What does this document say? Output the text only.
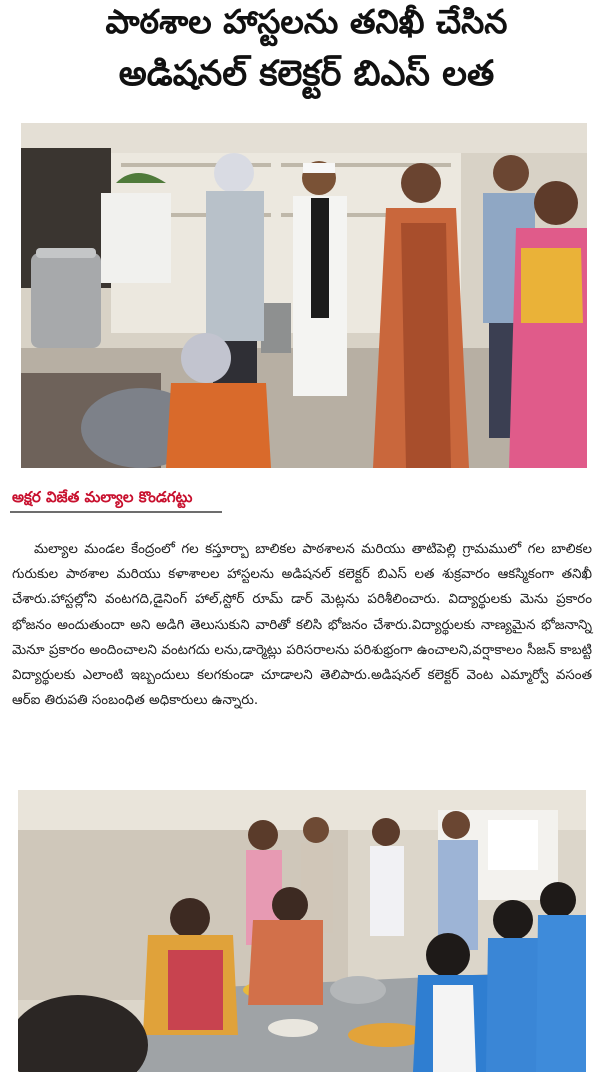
పాఠశాల హాస్టలను తనిఖీ చేసిన
అడిషనల్ కలెక్టర్ బిఎస్ లత
అక్షర విజేత మల్యాల కొండగట్టు
మల్యాల మండల కేంద్రంలో గల కస్తూర్బా బాలికల పాఠశాలన మరియు తాటిపెల్లి గ్రామములో గల బాలికల గురుకుల పాఠశాల మరియు కళాశాలల హాస్టలను అడిషనల్ కలెక్టర్ బిఎస్ లత శుక్రవారం ఆకస్మికంగా తనిఖీ చేశారు.హాస్టల్లోని వంటగది,డైనింగ్ హాల్,స్టోర్ రూమ్ డార్ మెట్లను పరిశీలించారు. విద్యార్థులకు మెను ప్రకారం భోజనం అందుతుందా అని అడిగి తెలుసుకుని వారితో కలిసి భోజనం చేశారు.విద్యార్థులకు నాణ్యమైన భోజనాన్ని మెనూ ప్రకారం అందించాలని వంటగదు లను,డార్మెట్లు పరిసరాలను పరిశుభ్రంగా ఉంచాలని,వర్షాకాలం సీజన్ కాబట్టి విద్యార్థులకు ఎలాంటి ఇబ్బందులు కలగకుండా చూడాలని తెలిపారు.అడిషనల్ కలెక్టర్ వెంట ఎమ్మార్వో వసంత ఆర్ఐ తిరుపతి సంబంధిత అధికారులు ఉన్నారు.
